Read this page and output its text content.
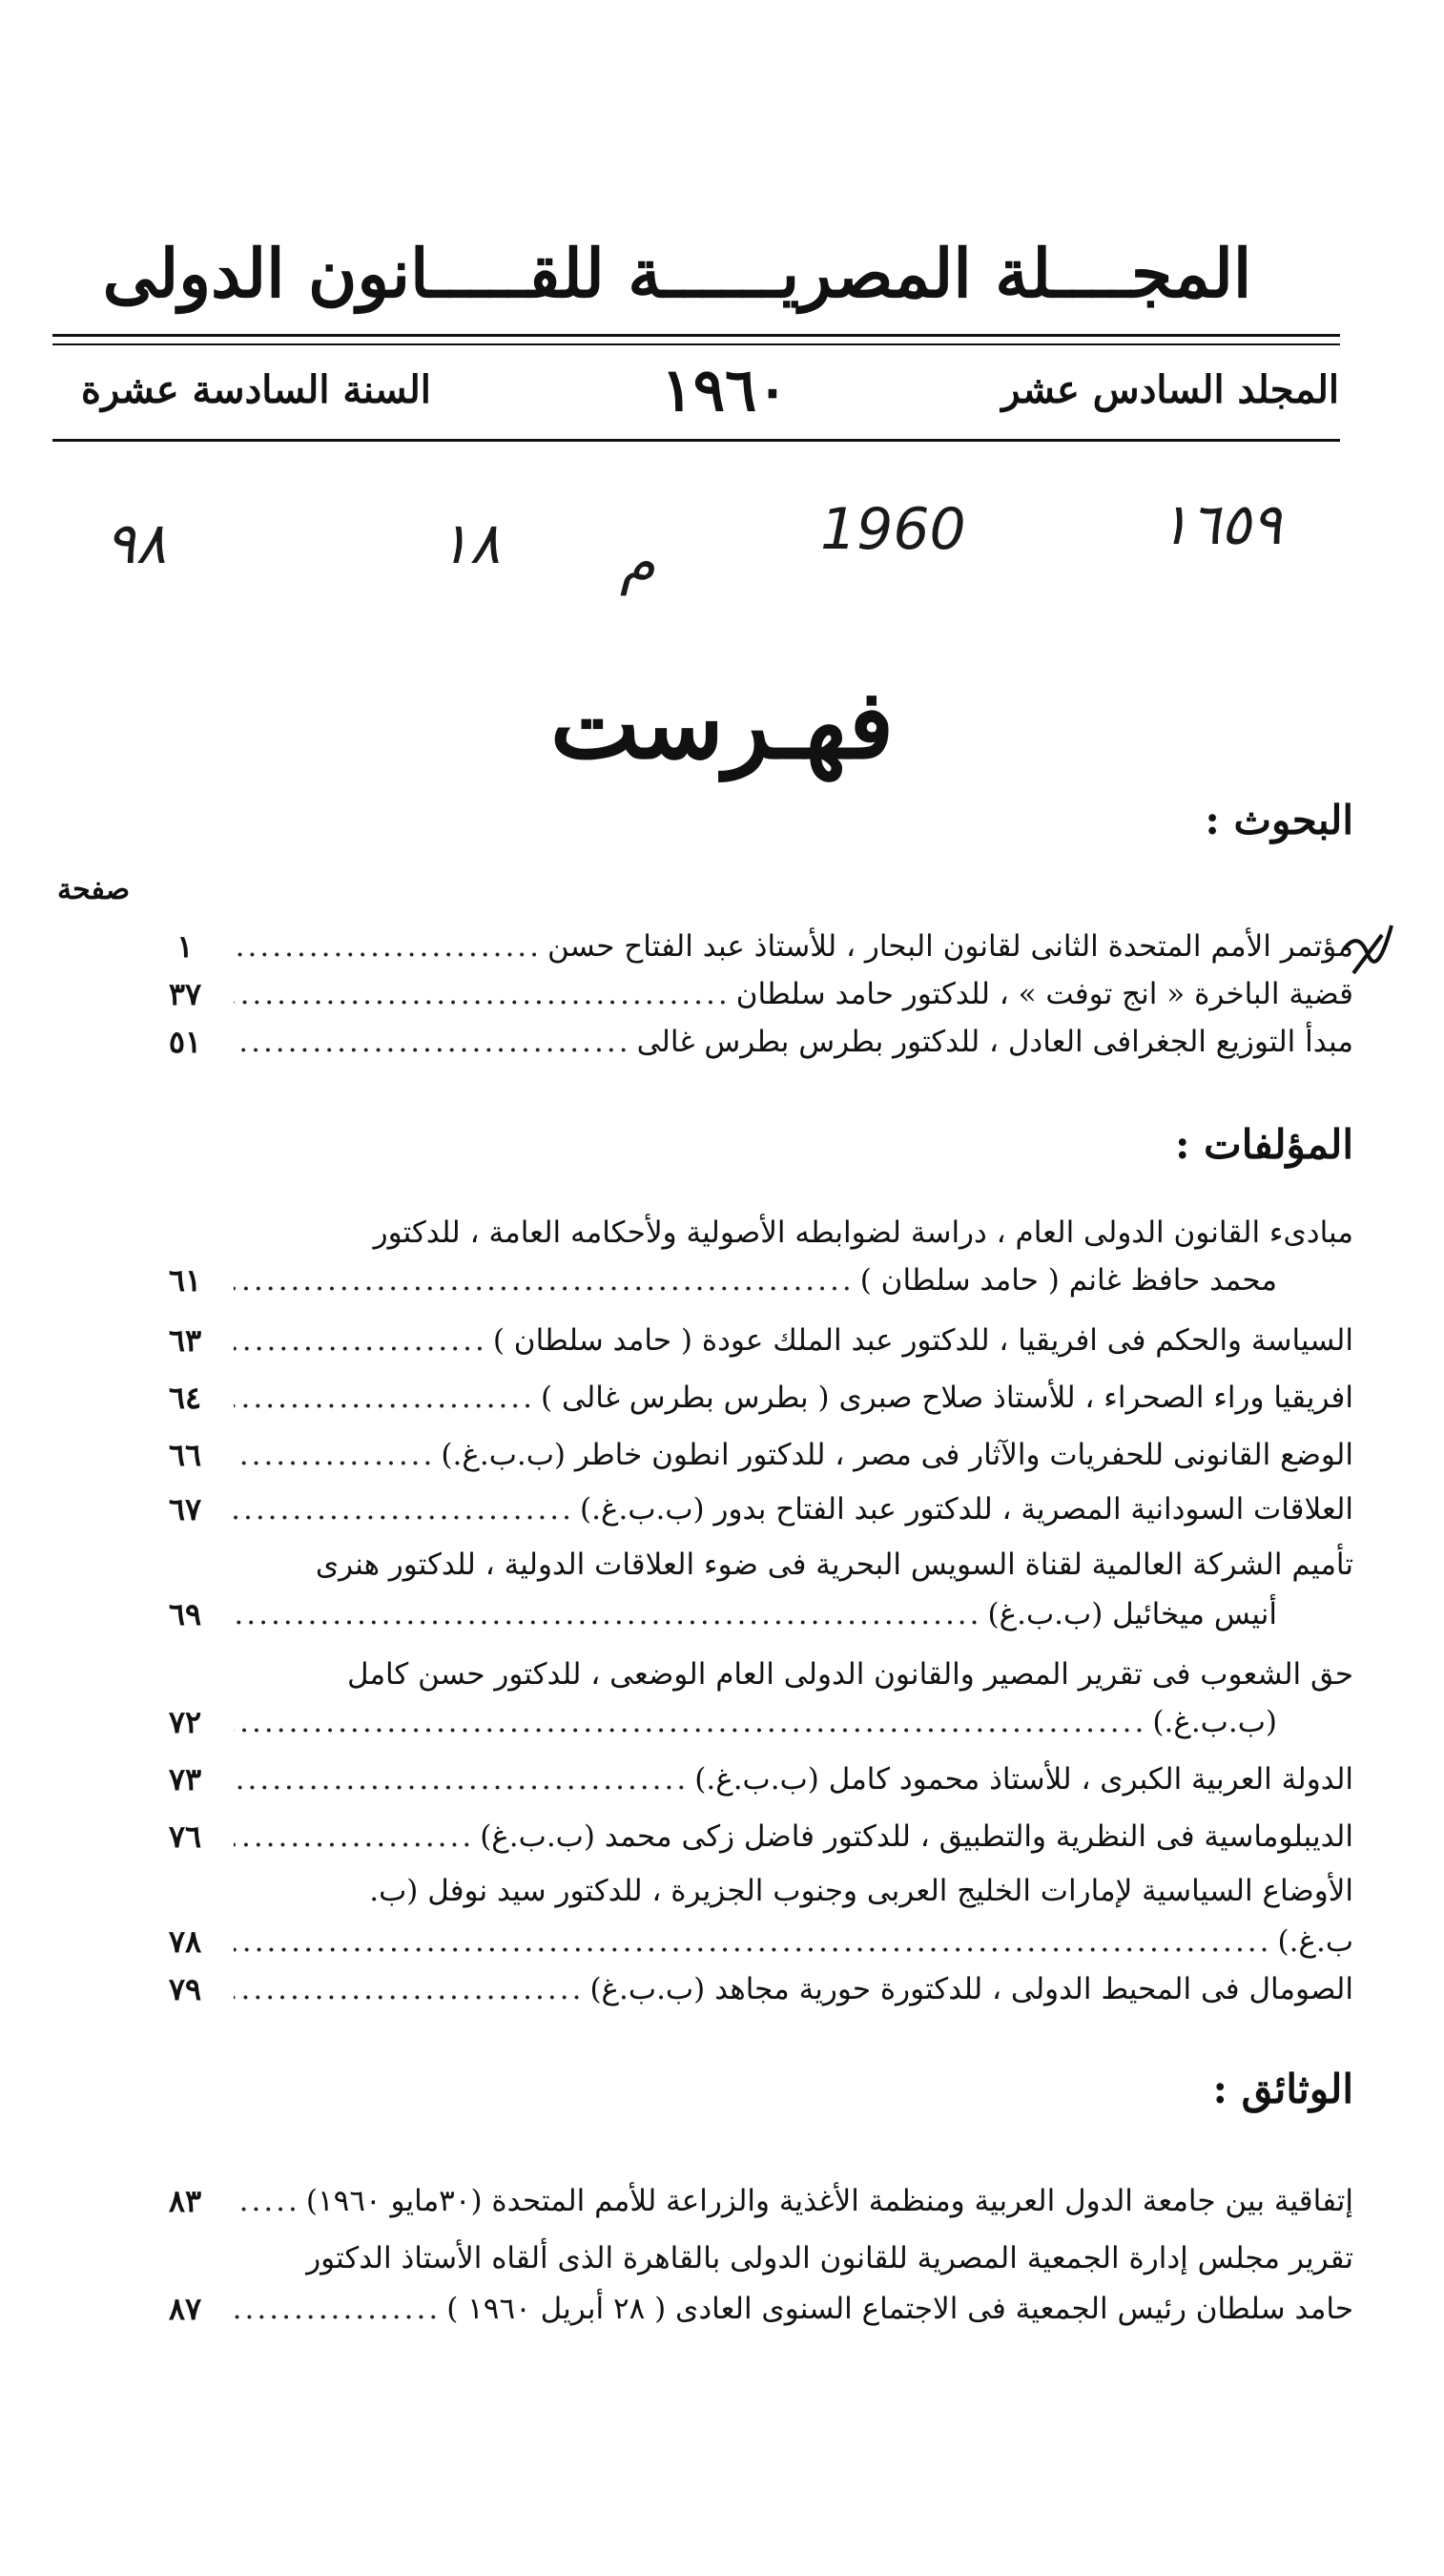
المجــــلة المصريــــــة للقـــــانون الدولى
المجلد السادس عشر
١٩٦٠
السنة السادسة عشرة
١٦٥٩
1960
م
١٨
٩٨
فهـرست
البحوث :
صفحة
مؤتمر الأمم المتحدة الثانى لقانون البحار ، للأستاذ عبد الفتاح حسن
.....
١
قضية الباخرة « انج توفت » ، للدكتور حامد سلطان
.....
٣٧
مبدأ التوزيع الجغرافى العادل ، للدكتور بطرس بطرس غالى
.....
٥١
المؤلفات :
مبادىء القانون الدولى العام ، دراسة لضوابطه الأصولية ولأحكامه العامة ، للدكتور
محمد حافظ غانم ( حامد سلطان )
.....
٦١
السياسة والحكم فى افريقيا ، للدكتور عبد الملك عودة ( حامد سلطان )
.....
٦٣
افريقيا وراء الصحراء ، للأستاذ صلاح صبرى ( بطرس بطرس غالى )
.....
٦٤
الوضع القانونى للحفريات والآثار فى مصر ، للدكتور انطون خاطر (ب.ب.غ.)
.....
٦٦
العلاقات السودانية المصرية ، للدكتور عبد الفتاح بدور (ب.ب.غ.)
.....
٦٧
تأميم الشركة العالمية لقناة السويس البحرية فى ضوء العلاقات الدولية ، للدكتور هنرى
أنيس ميخائيل (ب.ب.غ)
.....
٦٩
حق الشعوب فى تقرير المصير والقانون الدولى العام الوضعى ، للدكتور حسن كامل
(ب.ب.غ.)
.....
٧٢
الدولة العربية الكبرى ، للأستاذ محمود كامل (ب.ب.غ.)
.....
٧٣
الديبلوماسية فى النظرية والتطبيق ، للدكتور فاضل زكى محمد (ب.ب.غ)
.....
٧٦
الأوضاع السياسية لإمارات الخليج العربى وجنوب الجزيرة ، للدكتور سيد نوفل (ب.
ب.غ.)
.....
٧٨
الصومال فى المحيط الدولى ، للدكتورة حورية مجاهد (ب.ب.غ)
.....
٧٩
الوثائق :
إتفاقية بين جامعة الدول العربية ومنظمة الأغذية والزراعة للأمم المتحدة (٣٠مايو ١٩٦٠)
.....
٨٣
تقرير مجلس إدارة الجمعية المصرية للقانون الدولى بالقاهرة الذى ألقاه الأستاذ الدكتور
حامد سلطان رئيس الجمعية فى الاجتماع السنوى العادى ( ٢٨ أبريل ١٩٦٠ )
.....
٨٧
